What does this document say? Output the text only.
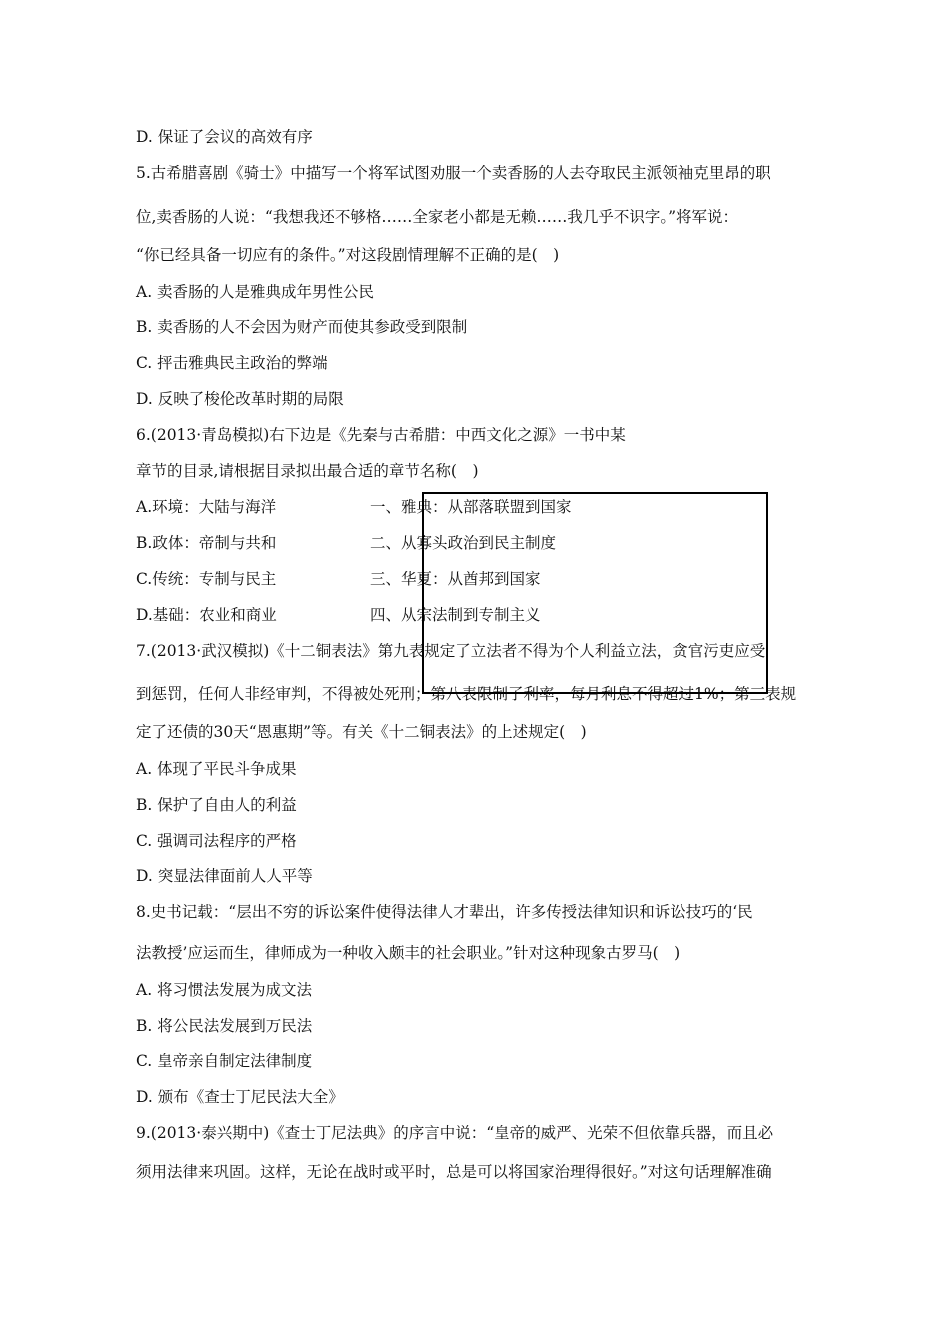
D. 保证了会议的高效有序
5.古希腊喜剧《骑士》中描写一个将军试图劝服一个卖香肠的人去夺取民主派领袖克里昂的职
位,卖香肠的人说：“我想我还不够格……全家老小都是无赖……我几乎不识字。”将军说：
“你已经具备一切应有的条件。”对这段剧情理解不正确的是(　)
A. 卖香肠的人是雅典成年男性公民
B. 卖香肠的人不会因为财产而使其参政受到限制
C. 抨击雅典民主政治的弊端
D. 反映了梭伦改革时期的局限
6.(2013·青岛模拟)右下边是《先秦与古希腊：中西文化之源》一书中某
章节的目录,请根据目录拟出最合适的章节名称(　)
A.环境：大陆与海洋	一、雅典：从部落联盟到国家
B.政体：帝制与共和	二、从寡头政治到民主制度
C.传统：专制与民主	三、华夏：从酋邦到国家
D.基础：农业和商业	四、从宗法制到专制主义
7.(2013·武汉模拟)《十二铜表法》第九表规定了立法者不得为个人利益立法，贪官污吏应受
到惩罚，任何人非经审判，不得被处死刑；第八表限制了利率，每月利息不得超过1%；第三表规
定了还债的30天“恩惠期”等。有关《十二铜表法》的上述规定(　)
A. 体现了平民斗争成果
B. 保护了自由人的利益
C. 强调司法程序的严格
D. 突显法律面前人人平等
8.史书记载：“层出不穷的诉讼案件使得法律人才辈出，许多传授法律知识和诉讼技巧的‘民
法教授’应运而生，律师成为一种收入颇丰的社会职业。”针对这种现象古罗马(　)
A. 将习惯法发展为成文法
B. 将公民法发展到万民法
C. 皇帝亲自制定法律制度
D. 颁布《查士丁尼民法大全》
9.(2013·泰兴期中)《查士丁尼法典》的序言中说：“皇帝的威严、光荣不但依靠兵器，而且必
须用法律来巩固。这样，无论在战时或平时，总是可以将国家治理得很好。”对这句话理解准确
